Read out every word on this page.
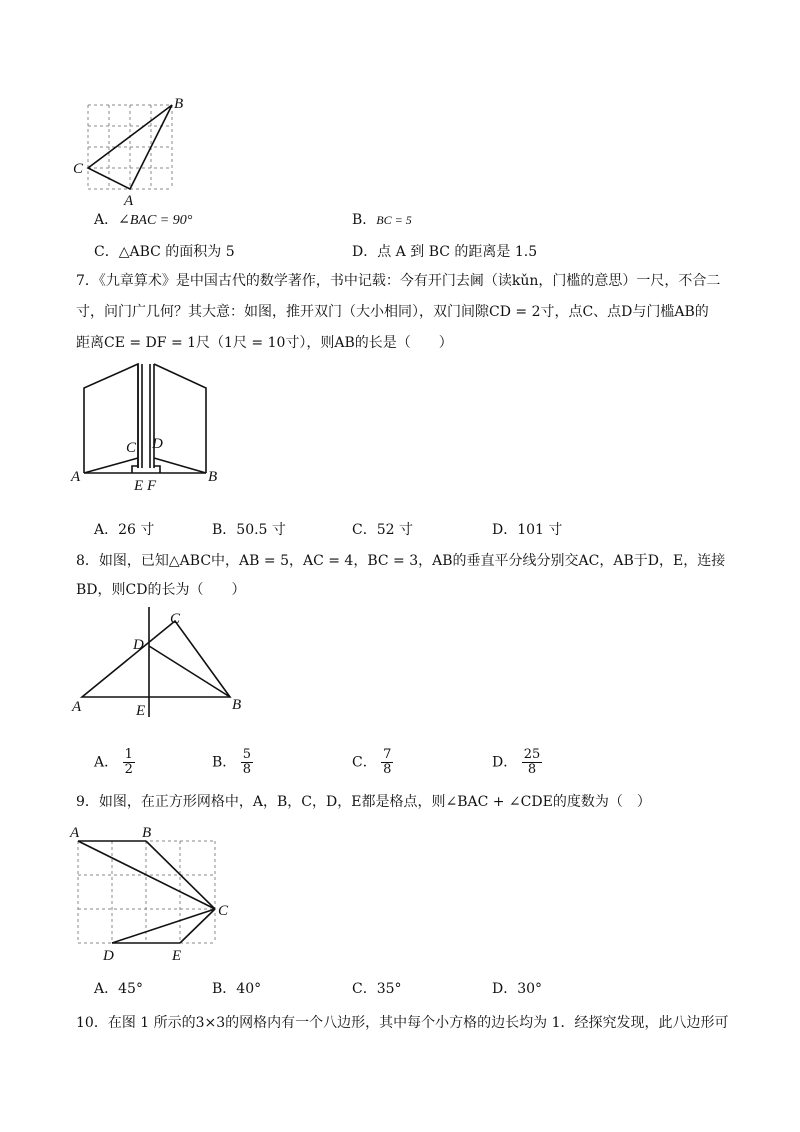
B
C
A
A．∠BAC = 90°	B．BC = 5
C．△ABC 的面积为 5	D．点 A 到 BC 的距离是 1.5
7．《九章算术》是中国古代的数学著作，书中记载：今有开门去阃（读kǔn，门槛的意思）一尺，不合二
寸，问门广几何？其大意：如图，推开双门（大小相同），双门间隙CD = 2寸，点C、点D与门槛AB的
距离CE = DF = 1尺（1尺 = 10寸），则AB的长是（　　）
C D
A	B
E F
A．26 寸	B．50.5 寸	C．52 寸	D．101 寸
8．如图，已知△ABC中，AB = 5，AC = 4，BC = 3，AB的垂直平分线分别交AC，AB于D，E，连接
BD，则CD的长为（　　）
C
D
A	E	B
A． $\frac{1}{2}$	B． $\frac{5}{8}$	C． $\frac{7}{8}$	D． $\frac{25}{8}$
9．如图，在正方形网格中，A，B，C，D，E都是格点，则∠BAC + ∠CDE的度数为（　）
A	B
C
D	E
A．45°	B．40°	C．35°	D．30°
10．在图 1 所示的3×3的网格内有一个八边形，其中每个小方格的边长均为 1．经探究发现，此八边形可
